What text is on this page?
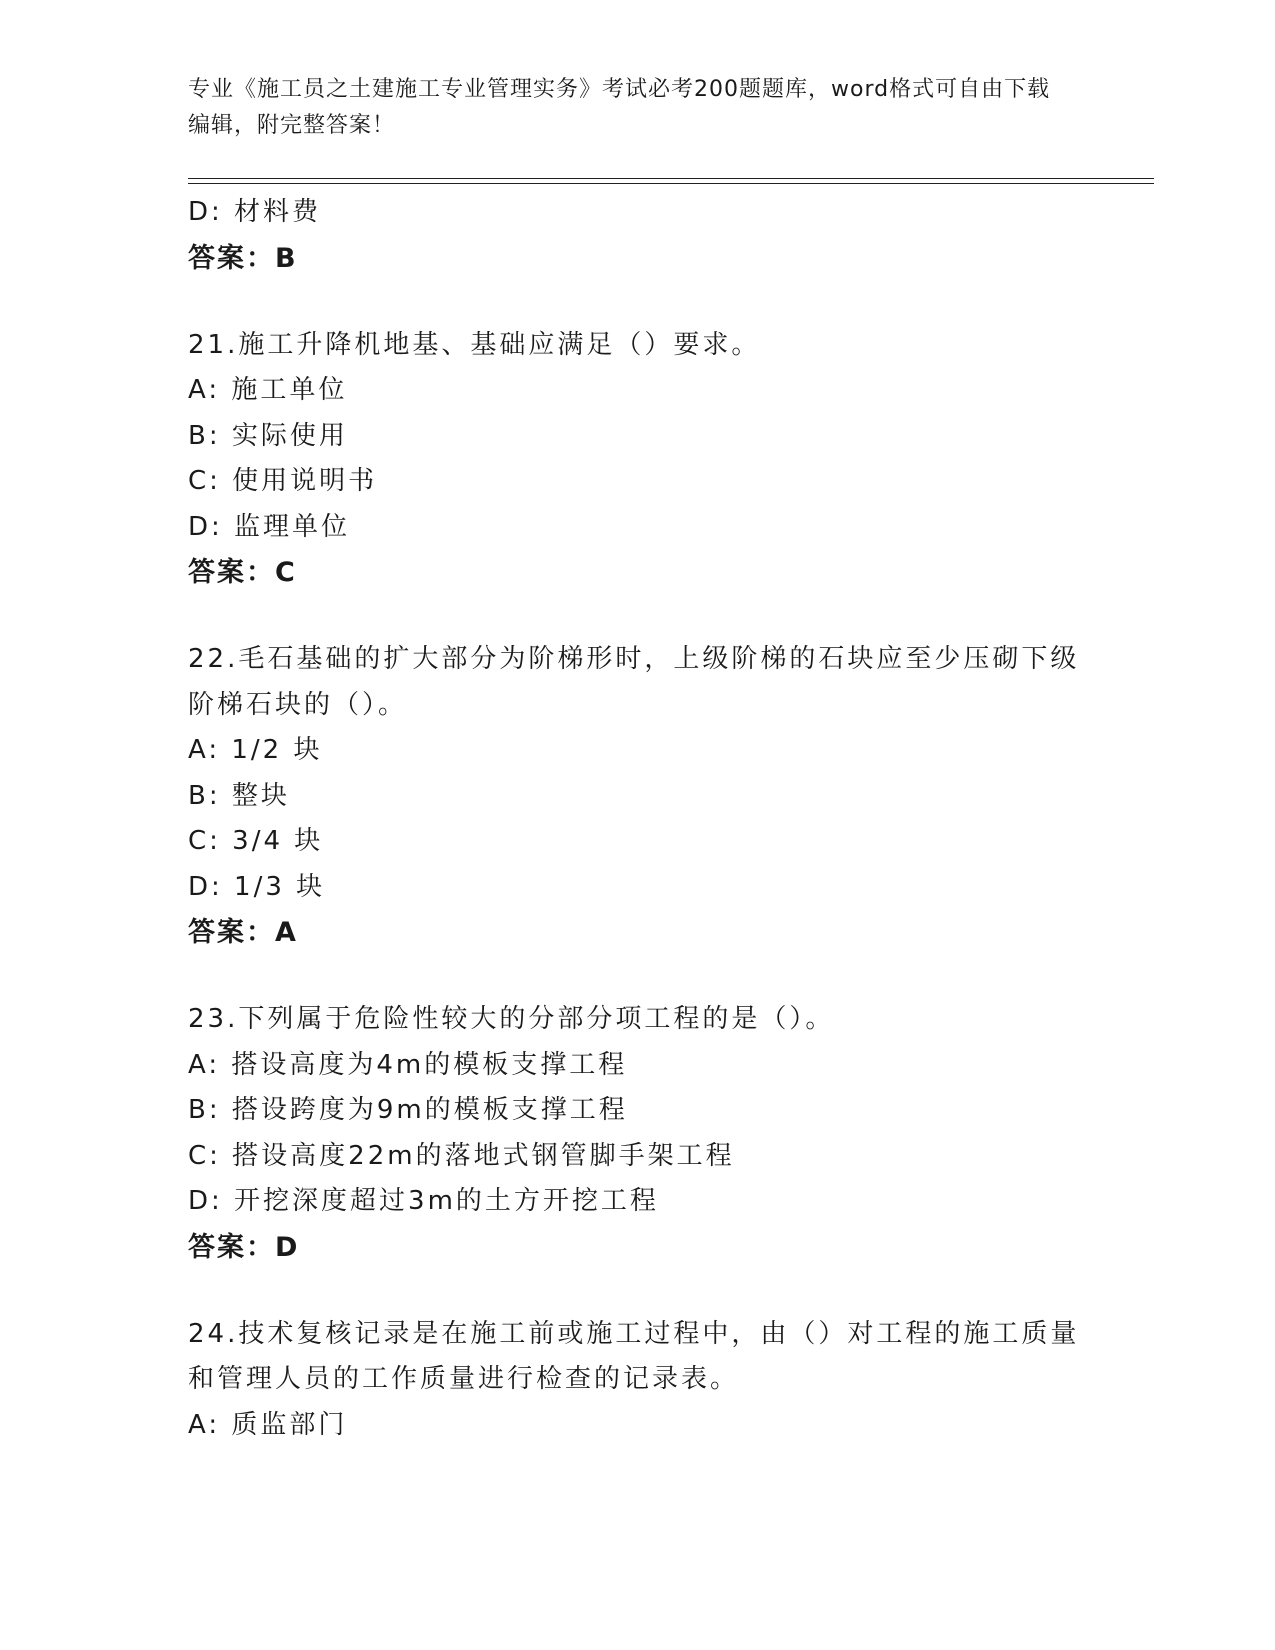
专业《施工员之土建施工专业管理实务》考试必考200题题库，word格式可自由下载编辑，附完整答案！
D: 材料费
答案：B
21.施工升降机地基、基础应满足（）要求。
A: 施工单位
B: 实际使用
C: 使用说明书
D: 监理单位
答案：C
22.毛石基础的扩大部分为阶梯形时，上级阶梯的石块应至少压砌下级阶梯石块的（）。
A: 1/2 块
B: 整块
C: 3/4 块
D: 1/3 块
答案：A
23.下列属于危险性较大的分部分项工程的是（）。
A: 搭设高度为4m的模板支撑工程
B: 搭设跨度为9m的模板支撑工程
C: 搭设高度22m的落地式钢管脚手架工程
D: 开挖深度超过3m的土方开挖工程
答案：D
24.技术复核记录是在施工前或施工过程中，由（）对工程的施工质量和管理人员的工作质量进行检查的记录表。
A: 质监部门
